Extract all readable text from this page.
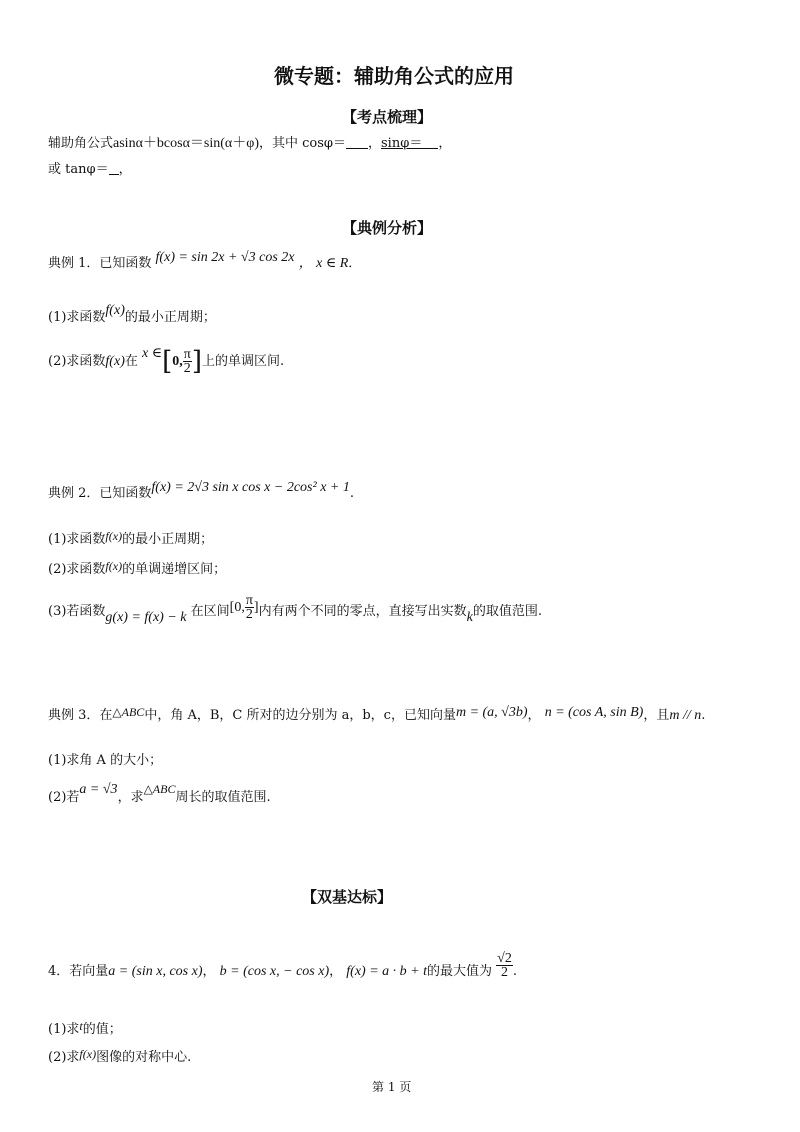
微专题：辅助角公式的应用
【考点梳理】
辅助角公式asinα＋bcosα＝sin(α＋φ)，其中 cosφ＝ ，sinφ＝ ，
或 tanφ＝ ，
【典例分析】
典例 1．已知函数 f(x) = sin 2x + √3 cos 2x ， x ∈ R．
(1)求函数f(x)的最小正周期；
(2)求函数f(x)在 x ∈[0, $\frac{\pi}{2}$ ]上的单调区间.
典例 2．已知函数f(x) = 2√3 sin x cos x − 2cos² x + 1.
(1)求函数f(x)的最小正周期；
(2)求函数f(x)的单调递增区间；
(3)若函数g(x) = f(x) − k 在区间[0, $\frac{\pi}{2}$ ]内有两个不同的零点，直接写出实数k的取值范围.
典例 3．在△ABC中，角 A，B，C 所对的边分别为 a，b，c，已知向量m = (a, √3b)， n = (cos A, sin B)，且m // n.
(1)求角 A 的大小；
(2)若a = √3，求△ABC周长的取值范围.
【双基达标】
4．若向量a = (sin x, cos x)， b = (cos x, − cos x)， f(x) = a · b + t的最大值为 $\frac{√2}{2}$ .
(1)求t的值；
(2)求f(x)图像的对称中心.
第 1 页
